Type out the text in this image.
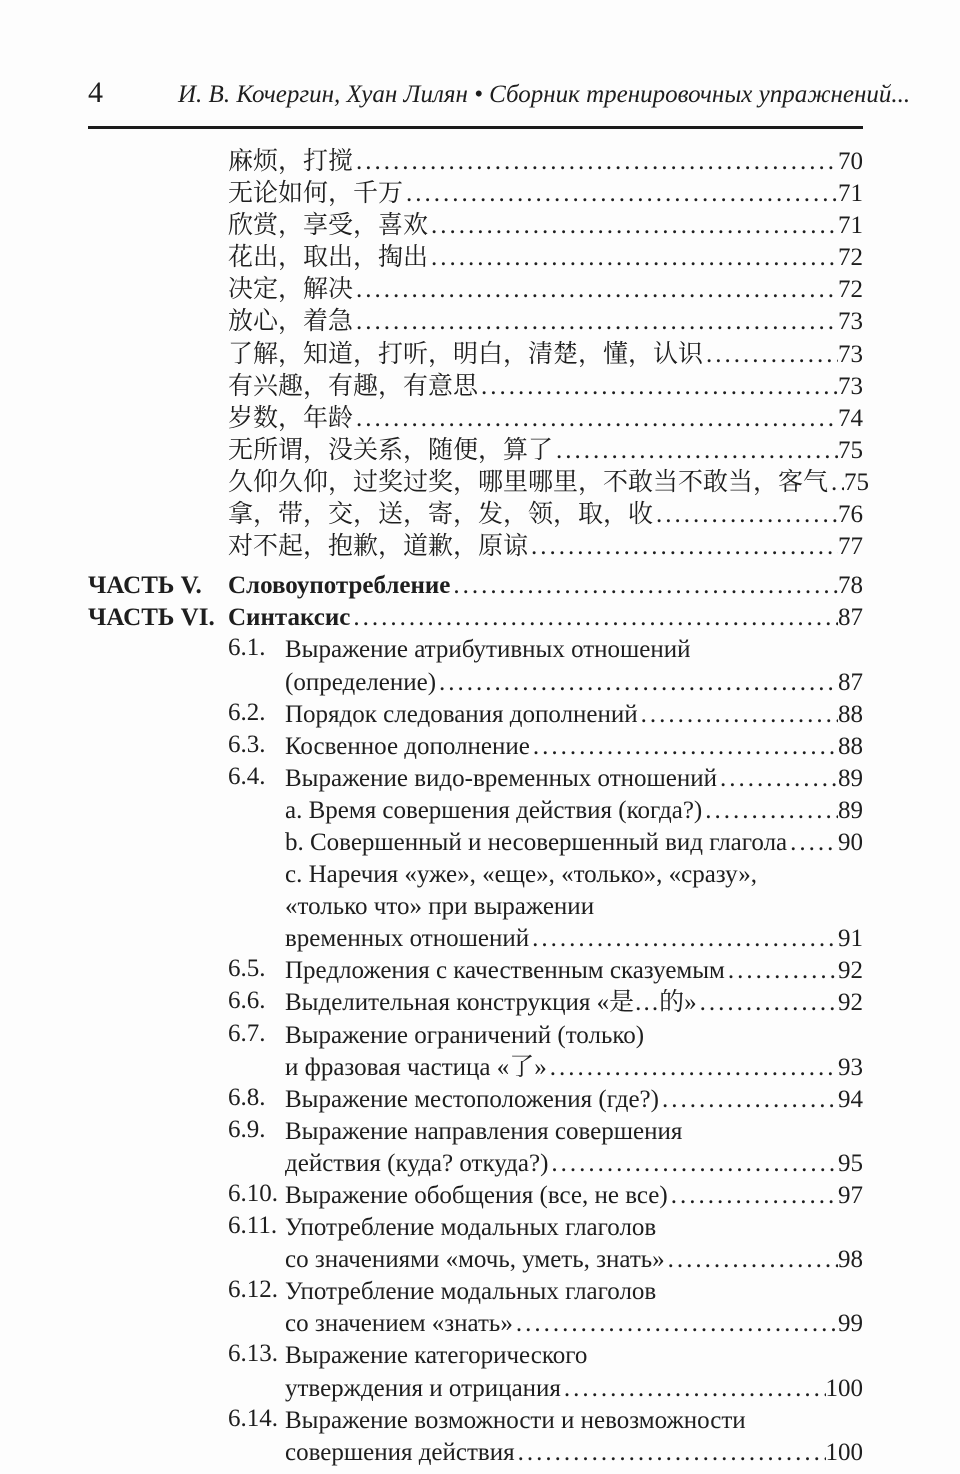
4	И. В. Кочергин, Хуан Лилян • Сборник тренировочных упражнений...
麻烦，打搅 .....	70
无论如何，千万 .....	71
欣赏，享受，喜欢 .....	71
花出，取出，掏出 .....	72
决定，解决 .....	72
放心，着急 .....	73
了解，知道，打听，明白，清楚，懂，认识 .....	73
有兴趣，有趣，有意思 .....	73
岁数，年龄 .....	74
无所谓，没关系，随便，算了 .....	75
久仰久仰，过奖过奖，哪里哪里，不敢当不敢当，客气 ..... 75
拿，带，交，送，寄，发，领，取，收 .....	76
对不起，抱歉，道歉，原谅 .....	77
ЧАСТЬ V.	Словоупотребление .....	78
ЧАСТЬ VI. Синтаксис .....	87
6.1. Выражение атрибутивных отношений
(определение) .....	87
6.2. Порядок следования дополнений .....	88
6.3. Косвенное дополнение .....	88
6.4. Выражение видо-временных отношений .....	89
a. Время совершения действия (когда?) .....	89
b. Совершенный и несовершенный вид глагола ..... 90
c. Наречия «уже», «еще», «только», «сразу»,
«только что» при выражении
временных отношений .....	91
6.5. Предложения с качественным сказуемым .....	92
6.6. Выделительная конструкция «是…的» .....	92
6.7. Выражение ограничений (только)
и фразовая частица «了» .....	93
6.8. Выражение местоположения (где?) .....	94
6.9. Выражение направления совершения
действия (куда? откуда?) .....	95
6.10. Выражение обобщения (все, не все) .....	97
6.11. Употребление модальных глаголов
со значениями «мочь, уметь, знать» .....	98
6.12. Употребление модальных глаголов
со значением «знать» .....	99
6.13. Выражение категорического
утверждения и отрицания .....	100
6.14. Выражение возможности и невозможности
совершения действия .....	100
